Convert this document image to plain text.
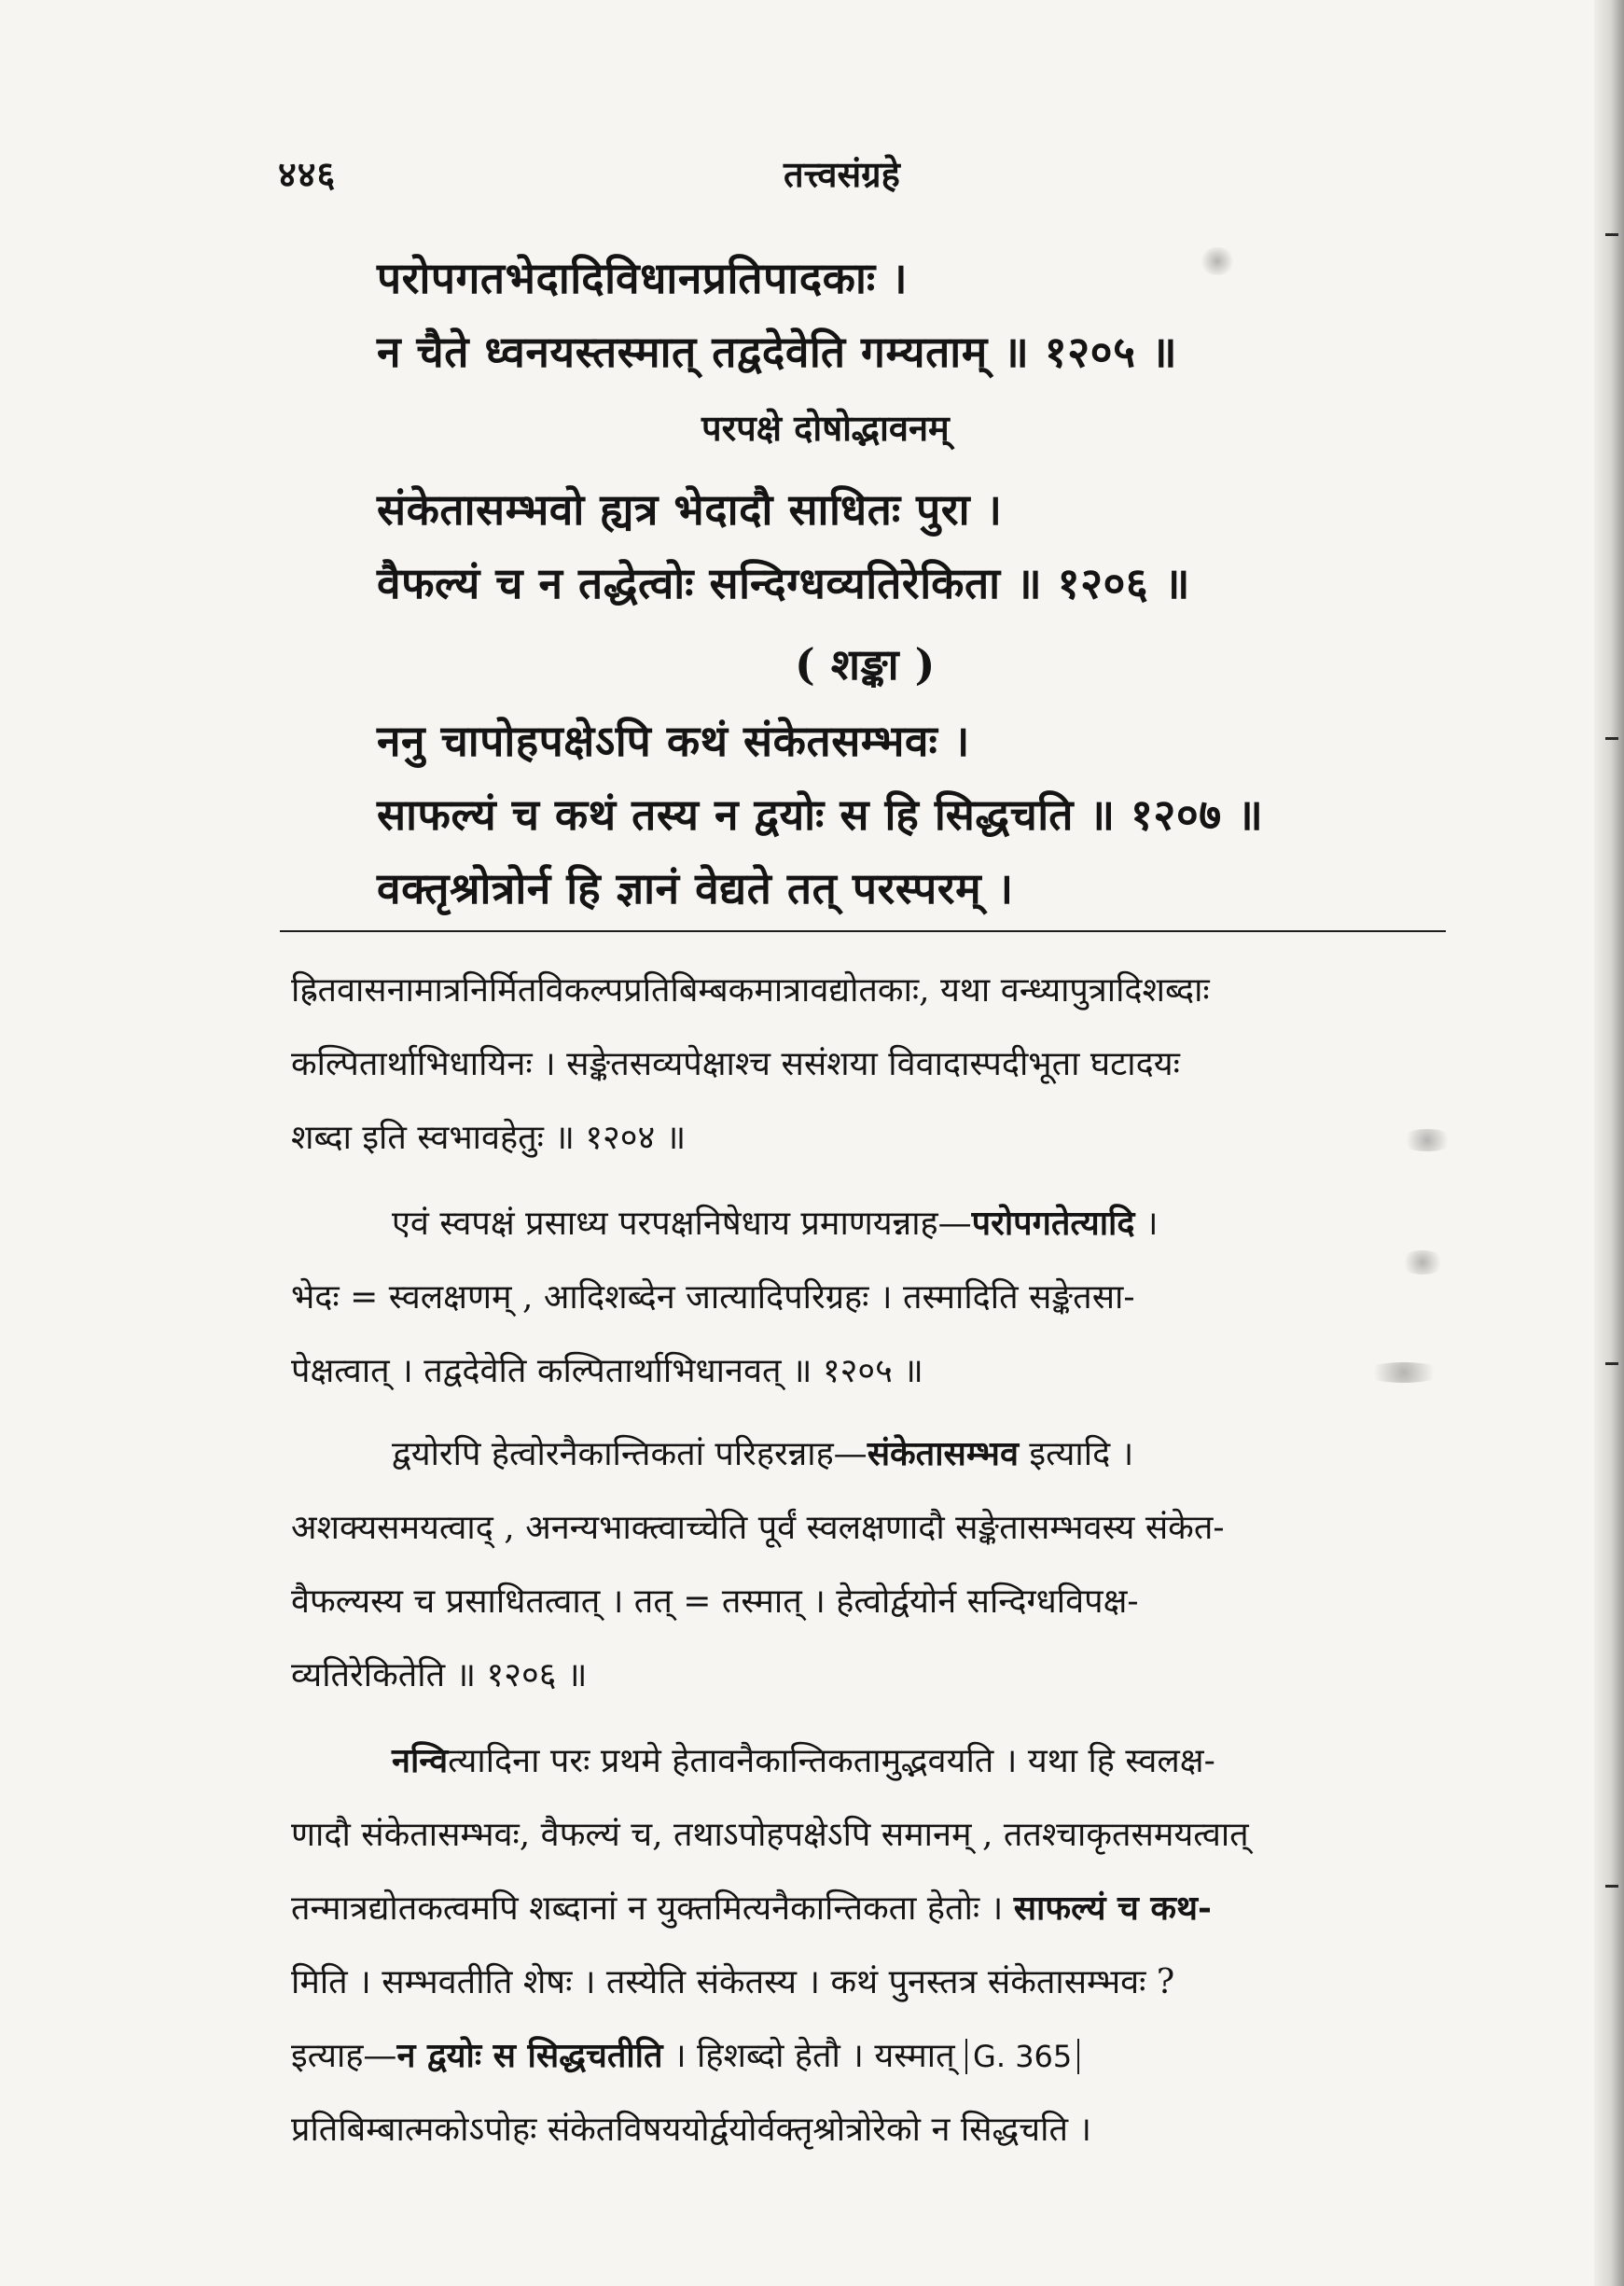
४४६	तत्त्वसंग्रहे
परोपगतभेदादिविधानप्रतिपादकाः ।
न चैते ध्वनयस्तस्मात् तद्वदेवेति गम्यताम् ॥ १२०५ ॥
परपक्षे दोषोद्भावनम्
संकेतासम्भवो ह्यत्र भेदादौ साधितः पुरा ।
वैफल्यं च न तद्धेत्वोः सन्दिग्धव्यतिरेकिता ॥ १२०६ ॥
( शङ्का )
ननु चापोहपक्षेऽपि कथं संकेतसम्भवः ।
साफल्यं च कथं तस्य न द्वयोः स हि सिद्धचति ॥ १२०७ ॥
वक्तृश्रोत्रोर्न हि ज्ञानं वेद्यते तत् परस्परम् ।
ह्रितवासनामात्रनिर्मितविकल्पप्रतिबिम्बकमात्रावद्योतकाः, यथा वन्ध्यापुत्रादिशब्दाः
कल्पितार्थाभिधायिनः । सङ्केतसव्यपेक्षाश्च ससंशया विवादास्पदीभूता घटादयः
शब्दा इति स्वभावहेतुः ॥ १२०४ ॥
एवं स्वपक्षं प्रसाध्य परपक्षनिषेधाय प्रमाणयन्नाह—परोपगतेत्यादि ।
भेदः = स्वलक्षणम् , आदिशब्देन जात्यादिपरिग्रहः । तस्मादिति सङ्केतसा-
पेक्षत्वात् । तद्वदेवेति कल्पितार्थाभिधानवत् ॥ १२०५ ॥
द्वयोरपि हेत्वोरनैकान्तिकतां परिहरन्नाह—संकेतासम्भव इत्यादि ।
अशक्यसमयत्वाद् , अनन्यभाक्त्वाच्चेति पूर्वं स्वलक्षणादौ सङ्केतासम्भवस्य संकेत-
वैफल्यस्य च प्रसाधितत्वात् । तत् = तस्मात् । हेत्वोर्द्वयोर्न सन्दिग्धविपक्ष-
व्यतिरेकितेति ॥ १२०६ ॥
नन्वित्यादिना परः प्रथमे हेतावनैकान्तिकतामुद्भवयति । यथा हि स्वलक्ष-
णादौ संकेतासम्भवः, वैफल्यं च, तथाऽपोहपक्षेऽपि समानम् , ततश्चाकृतसमयत्वात्
तन्मात्रद्योतकत्वमपि शब्दानां न युक्तमित्यनैकान्तिकता हेतोः । साफल्यं च कथ-
मिति । सम्भवतीति शेषः । तस्येति संकेतस्य । कथं पुनस्तत्र संकेतासम्भवः ?
इत्याह—न द्वयोः स सिद्धचतीति । हिशब्दो हेतौ । यस्मात् G. 365
प्रतिबिम्बात्मकोऽपोहः संकेतविषययोर्द्वयोर्वक्तृश्रोत्रोरेको न सिद्धचति ।
